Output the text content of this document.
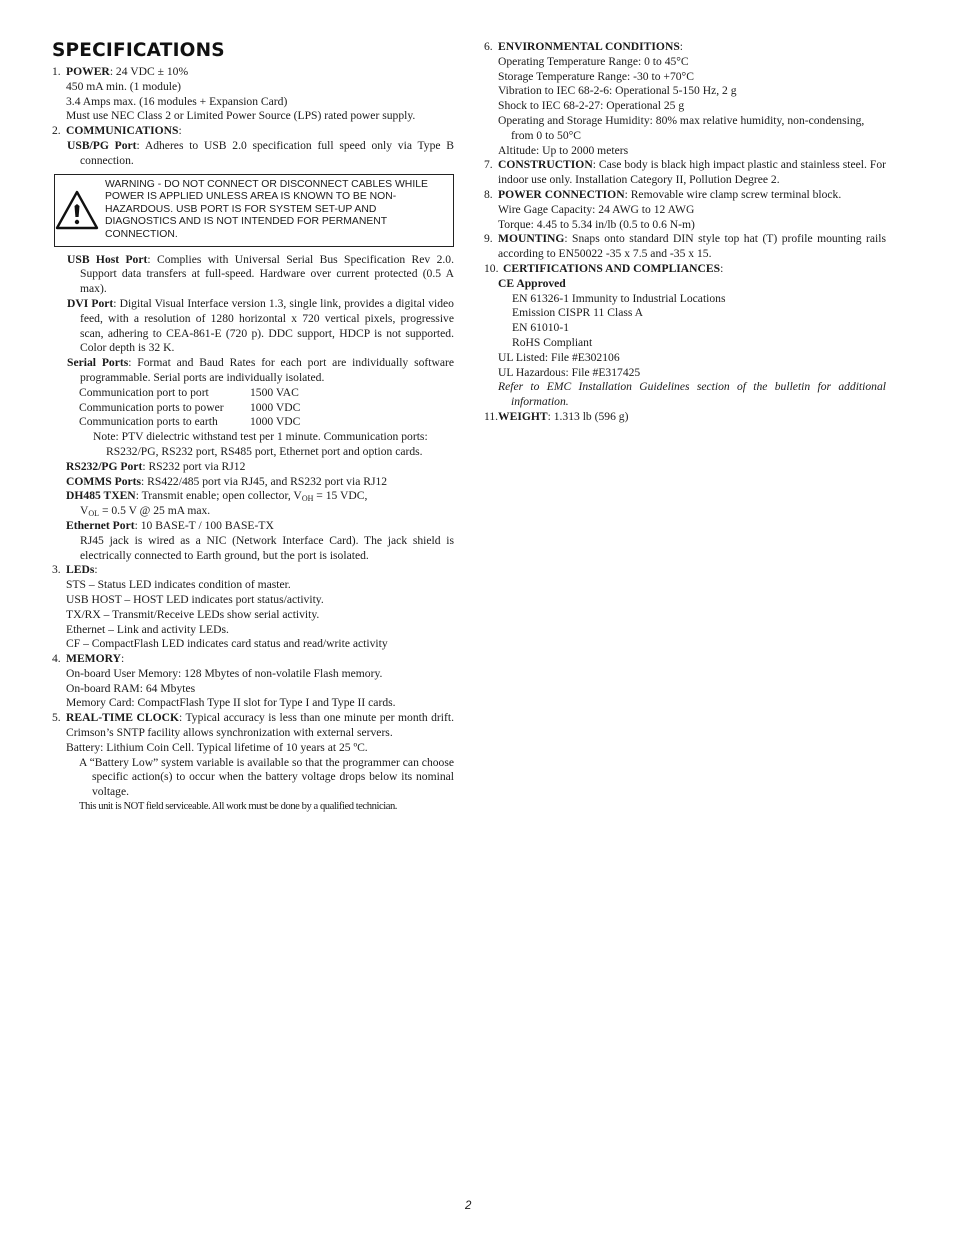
SPECIFICATIONS
1. POWER: 24 VDC ± 10%
450 mA min. (1 module)
3.4 Amps max. (16 modules + Expansion Card)
Must use NEC Class 2 or Limited Power Source (LPS) rated power supply.
2. COMMUNICATIONS:
USB/PG Port: Adheres to USB 2.0 specification full speed only via Type B connection.
WARNING - DO NOT CONNECT OR DISCONNECT CABLES WHILE POWER IS APPLIED UNLESS AREA IS KNOWN TO BE NON-HAZARDOUS. USB PORT IS FOR SYSTEM SET-UP AND DIAGNOSTICS AND IS NOT INTENDED FOR PERMANENT CONNECTION.
USB Host Port: Complies with Universal Serial Bus Specification Rev 2.0. Support data transfers at full-speed. Hardware over current protected (0.5 A max).
DVI Port: Digital Visual Interface version 1.3, single link, provides a digital video feed, with a resolution of 1280 horizontal x 720 vertical pixels, progressive scan, adhering to CEA-861-E (720 p). DDC support, HDCP is not supported. Color depth is 32 K.
Serial Ports: Format and Baud Rates for each port are individually software programmable. Serial ports are individually isolated.
Communication port to port	1500 VAC
Communication ports to power	1000 VDC
Communication ports to earth	1000 VDC
Note: PTV dielectric withstand test per 1 minute. Communication ports: RS232/PG, RS232 port, RS485 port, Ethernet port and option cards.
RS232/PG Port: RS232 port via RJ12
COMMS Ports: RS422/485 port via RJ45, and RS232 port via RJ12
DH485 TXEN: Transmit enable; open collector, $V_{OH} = 15$ VDC,
$V_{OL} = 0.5$ V @ 25 mA max.
Ethernet Port: 10 BASE-T / 100 BASE-TX
RJ45 jack is wired as a NIC (Network Interface Card). The jack shield is electrically connected to Earth ground, but the port is isolated.
3. LEDs:
STS – Status LED indicates condition of master.
USB HOST – HOST LED indicates port status/activity.
TX/RX – Transmit/Receive LEDs show serial activity.
Ethernet – Link and activity LEDs.
CF – CompactFlash LED indicates card status and read/write activity
4. MEMORY:
On-board User Memory: 128 Mbytes of non-volatile Flash memory.
On-board RAM: 64 Mbytes
Memory Card: CompactFlash Type II slot for Type I and Type II cards.
5. REAL-TIME CLOCK: Typical accuracy is less than one minute per month drift. Crimson’s SNTP facility allows synchronization with external servers.
Battery: Lithium Coin Cell. Typical lifetime of 10 years at 25 ºC.
A “Battery Low” system variable is available so that the programmer can choose specific action(s) to occur when the battery voltage drops below its nominal voltage.
This unit is NOT field serviceable. All work must be done by a qualified technician.
6. ENVIRONMENTAL CONDITIONS:
Operating Temperature Range: 0 to 45°C
Storage Temperature Range: -30 to +70°C
Vibration to IEC 68-2-6: Operational 5-150 Hz, 2 g
Shock to IEC 68-2-27: Operational 25 g
Operating and Storage Humidity: 80% max relative humidity, non-condensing, from 0 to 50°C
Altitude: Up to 2000 meters
7. CONSTRUCTION: Case body is black high impact plastic and stainless steel. For indoor use only. Installation Category II, Pollution Degree 2.
8. POWER CONNECTION: Removable wire clamp screw terminal block.
Wire Gage Capacity: 24 AWG to 12 AWG
Torque: 4.45 to 5.34 in/lb (0.5 to 0.6 N-m)
9. MOUNTING: Snaps onto standard DIN style top hat (T) profile mounting rails according to EN50022 -35 x 7.5 and -35 x 15.
10. CERTIFICATIONS AND COMPLIANCES:
CE Approved
EN 61326-1 Immunity to Industrial Locations
Emission CISPR 11 Class A
EN 61010-1
RoHS Compliant
UL Listed: File #E302106
UL Hazardous: File #E317425
Refer to EMC Installation Guidelines section of the bulletin for additional information.
11. WEIGHT: 1.313 lb (596 g)
2
